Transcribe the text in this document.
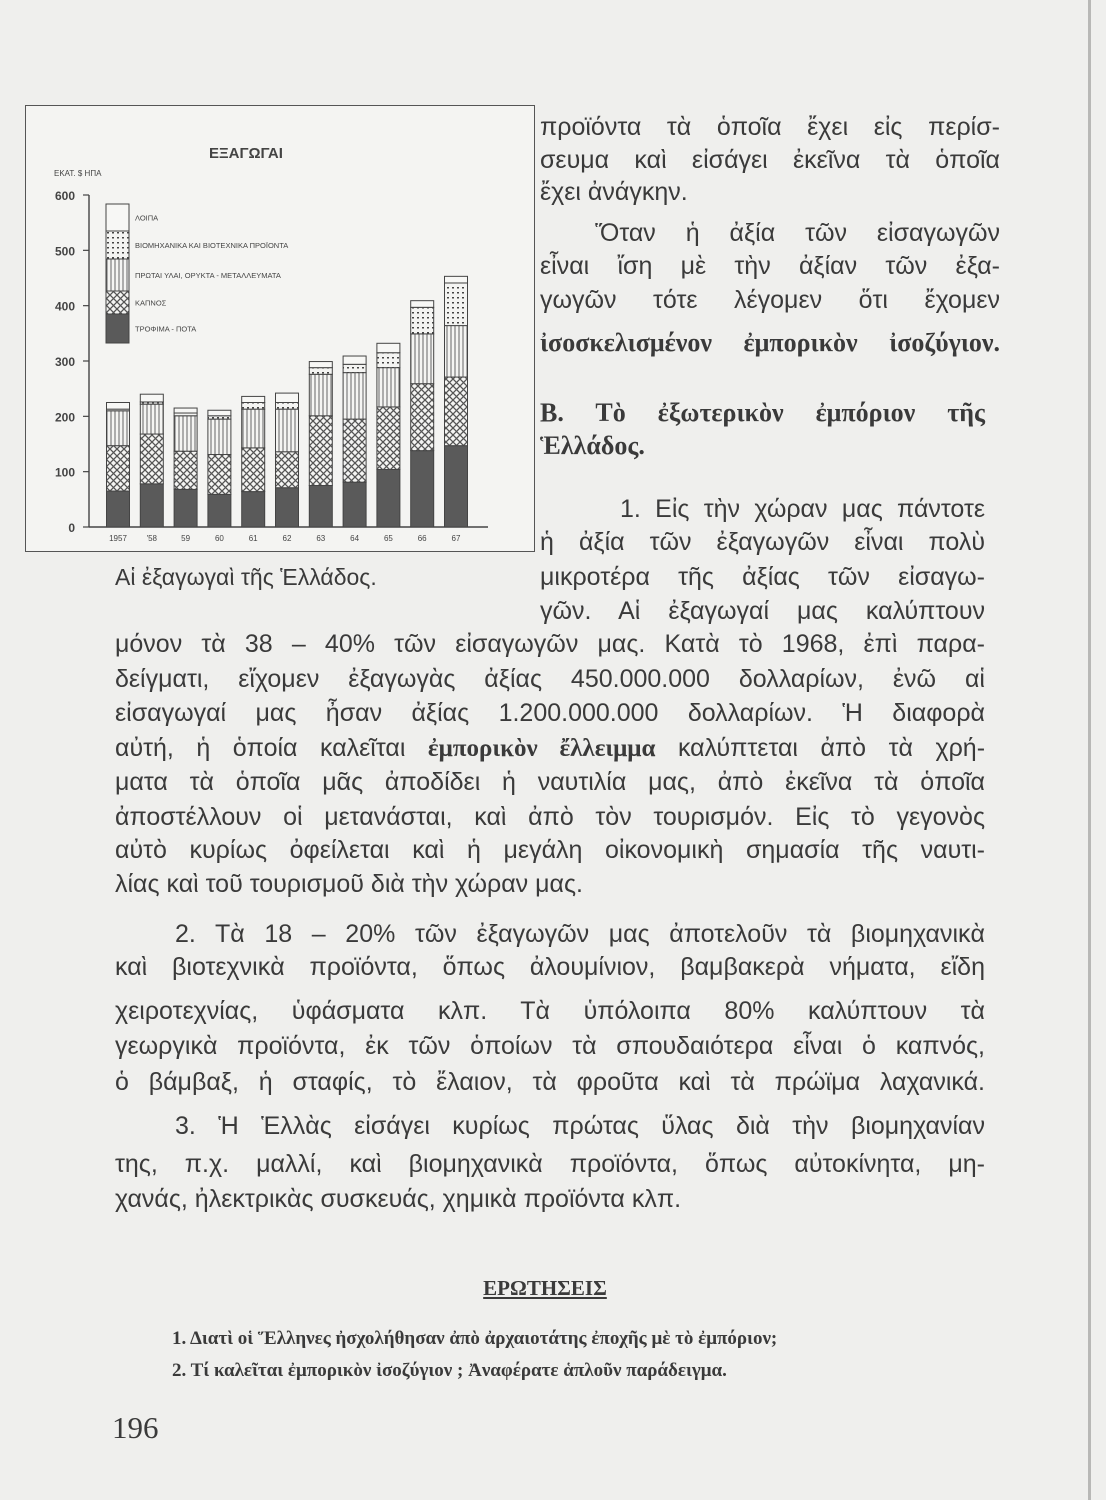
ΕΞΑΓΩΓΑΙ
ΕΚΑΤ. $ ΗΠΑ
0
100
200
300
400
500
600
1957 '58	59	60	61	62	63	64	65	66	67
ΛΟΙΠΑ
ΒΙΟΜΗΧΑΝΙΚΑ ΚΑΙ ΒΙΟΤΕΧΝΙΚΑ ΠΡΟΪΟΝΤΑ
ΠΡΩΤΑΙ ΥΛΑΙ, ΟΡΥΚΤΑ - ΜΕΤΑΛΛΕΥΜΑΤΑ
ΚΑΠΝΟΣ
ΤΡΟΦΙΜΑ - ΠΟΤΑ
προϊόντα τὰ ὁποῖα ἔχει εἰς περίσ-
σευμα καὶ εἰσάγει ἐκεῖνα τὰ ὁποῖα
ἔχει ἀνάγκην.
Ὅταν ἡ ἀξία τῶν εἰσαγωγῶν
εἶναι ἴση μὲ τὴν ἀξίαν τῶν ἐξα-
γωγῶν τότε λέγομεν ὅτι ἔχομεν
ἰσοσκελισμένον ἐμπορικὸν ἰσοζύγιον.
Β. Τὸ ἐξωτερικὸν ἐμπόριον τῆς
Ἑλλάδος.
1. Εἰς τὴν χώραν μας πάντοτε
ἡ ἀξία τῶν ἐξαγωγῶν εἶναι πολὺ
μικροτέρα τῆς ἀξίας τῶν εἰσαγω-
γῶν. Αἱ ἐξαγωγαί μας καλύπτουν
Αἱ ἐξαγωγαὶ τῆς Ἑλλάδος.
μόνον τὰ 38 – 40% τῶν εἰσαγωγῶν μας. Κατὰ τὸ 1968, ἐπὶ παρα-
δείγματι, εἴχομεν ἐξαγωγὰς ἀξίας 450.000.000 δολλαρίων, ἐνῶ αἱ
εἰσαγωγαί μας ἦσαν ἀξίας 1.200.000.000 δολλαρίων. Ἡ διαφορὰ
αὐτή, ἡ ὁποία καλεῖται ἐμπορικὸν ἔλλειμμα καλύπτεται ἀπὸ τὰ χρή-
ματα τὰ ὁποῖα μᾶς ἀποδίδει ἡ ναυτιλία μας, ἀπὸ ἐκεῖνα τὰ ὁποῖα
ἀποστέλλουν οἱ μετανάσται, καὶ ἀπὸ τὸν τουρισμόν. Εἰς τὸ γεγονὸς
αὐτὸ κυρίως ὀφείλεται καὶ ἡ μεγάλη οἰκονομικὴ σημασία τῆς ναυτι-
λίας καὶ τοῦ τουρισμοῦ διὰ τὴν χώραν μας.
2. Τὰ 18 – 20% τῶν ἐξαγωγῶν μας ἀποτελοῦν τὰ βιομηχανικὰ
καὶ βιοτεχνικὰ προϊόντα, ὅπως ἀλουμίνιον, βαμβακερὰ νήματα, εἴδη
χειροτεχνίας, ὑφάσματα κλπ. Τὰ ὑπόλοιπα 80% καλύπτουν τὰ
γεωργικὰ προϊόντα, ἐκ τῶν ὁποίων τὰ σπουδαιότερα εἶναι ὁ καπνός,
ὁ βάμβαξ, ἡ σταφίς, τὸ ἔλαιον, τὰ φροῦτα καὶ τὰ πρώϊμα λαχανικά.
3. Ἡ Ἑλλὰς εἰσάγει κυρίως πρώτας ὕλας διὰ τὴν βιομηχανίαν
της, π.χ. μαλλί, καὶ βιομηχανικὰ προϊόντα, ὅπως αὐτοκίνητα, μη-
χανάς, ἠλεκτρικὰς συσκευάς, χημικὰ προϊόντα κλπ.
ΕΡΩΤΗΣΕΙΣ
1. Διατὶ οἱ Ἕλληνες ἠσχολήθησαν ἀπὸ ἀρχαιοτάτης ἐποχῆς μὲ τὸ ἐμπόριον;
2. Τί καλεῖται ἐμπορικὸν ἰσοζύγιον ; Ἀναφέρατε ἁπλοῦν παράδειγμα.
196
